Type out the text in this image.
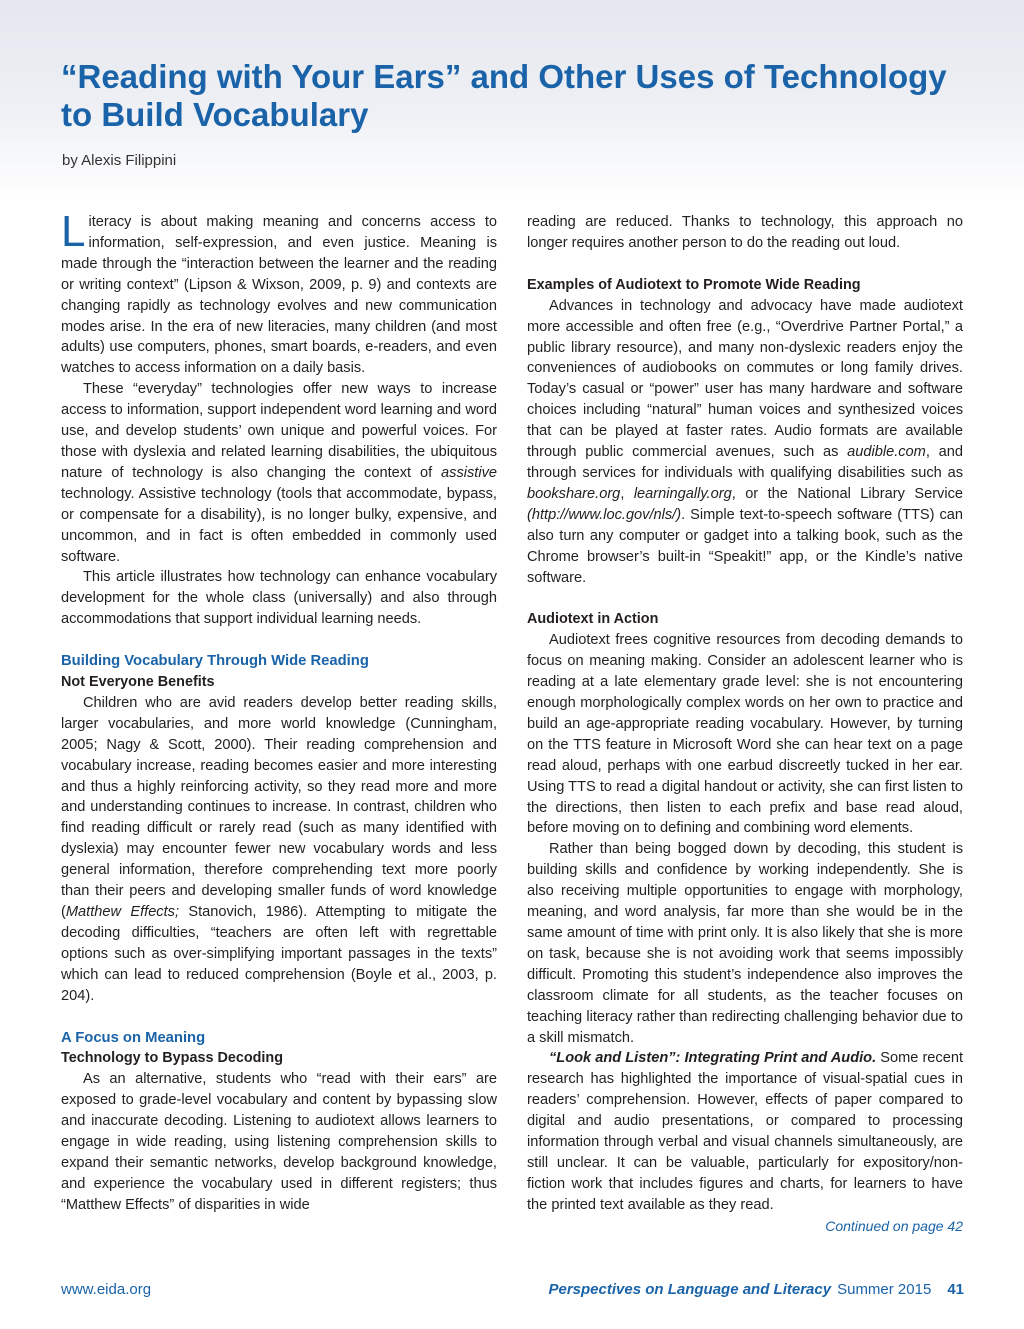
“Reading with Your Ears” and Other Uses of Technology to Build Vocabulary
by Alexis Filippini

Literacy is about making meaning and concerns access to information, self-expression, and even justice. Meaning is made through the “interaction between the learner and the reading or writing context” (Lipson & Wixson, 2009, p. 9) and contexts are changing rapidly as technology evolves and new communication modes arise. In the era of new literacies, many children (and most adults) use computers, phones, smart boards, e-readers, and even watches to access information on a daily basis.

These “everyday” technologies offer new ways to increase access to information, support independent word learning and word use, and develop students’ own unique and powerful voices. For those with dyslexia and related learning disabilities, the ubiquitous nature of technology is also changing the context of assistive technology. Assistive technology (tools that accommodate, bypass, or compensate for a disability), is no longer bulky, expensive, and uncommon, and in fact is often embedded in commonly used software.

This article illustrates how technology can enhance vocabulary development for the whole class (universally) and also through accommodations that support individual learning needs.

Building Vocabulary Through Wide Reading
Not Everyone Benefits

Children who are avid readers develop better reading skills, larger vocabularies, and more world knowledge (Cunningham, 2005; Nagy & Scott, 2000). Their reading comprehension and vocabulary increase, reading becomes easier and more interesting and thus a highly reinforcing activity, so they read more and more and understanding continues to increase. In contrast, children who find reading difficult or rarely read (such as many identified with dyslexia) may encounter fewer new vocabulary words and less general information, therefore comprehending text more poorly than their peers and developing smaller funds of word knowledge (Matthew Effects; Stanovich, 1986). Attempting to mitigate the decoding difficulties, “teachers are often left with regrettable options such as over-simplifying important passages in the texts” which can lead to reduced comprehension (Boyle et al., 2003, p. 204).

A Focus on Meaning
Technology to Bypass Decoding

As an alternative, students who “read with their ears” are exposed to grade-level vocabulary and content by bypassing slow and inaccurate decoding. Listening to audiotext allows learners to engage in wide reading, using listening comprehension skills to expand their semantic networks, develop background knowledge, and experience the vocabulary used in different registers; thus “Matthew Effects” of disparities in wide

reading are reduced. Thanks to technology, this approach no longer requires another person to do the reading out loud.

Examples of Audiotext to Promote Wide Reading

Advances in technology and advocacy have made audiotext more accessible and often free (e.g., “Overdrive Partner Portal,” a public library resource), and many non-dyslexic readers enjoy the conveniences of audiobooks on commutes or long family drives. Today’s casual or “power” user has many hardware and software choices including “natural” human voices and synthesized voices that can be played at faster rates. Audio formats are available through public commercial avenues, such as audible.com, and through services for individuals with qualifying disabilities such as bookshare.org, learningally.org, or the National Library Service (http://www.loc.gov/nls/). Simple text-to-speech software (TTS) can also turn any computer or gadget into a talking book, such as the Chrome browser’s built-in “Speakit!” app, or the Kindle’s native software.

Audiotext in Action

Audiotext frees cognitive resources from decoding demands to focus on meaning making. Consider an adolescent learner who is reading at a late elementary grade level: she is not encountering enough morphologically complex words on her own to practice and build an age-appropriate reading vocabulary. However, by turning on the TTS feature in Microsoft Word she can hear text on a page read aloud, perhaps with one earbud discreetly tucked in her ear. Using TTS to read a digital handout or activity, she can first listen to the directions, then listen to each prefix and base read aloud, before moving on to defining and combining word elements.

Rather than being bogged down by decoding, this student is building skills and confidence by working independently. She is also receiving multiple opportunities to engage with morphology, meaning, and word analysis, far more than she would be in the same amount of time with print only. It is also likely that she is more on task, because she is not avoiding work that seems impossibly difficult. Promoting this student’s independence also improves the classroom climate for all students, as the teacher focuses on teaching literacy rather than redirecting challenging behavior due to a skill mismatch.

“Look and Listen”: Integrating Print and Audio. Some recent research has highlighted the importance of visual-spatial cues in readers’ comprehension. However, effects of paper compared to digital and audio presentations, or compared to processing information through verbal and visual channels simultaneously, are still unclear. It can be valuable, particularly for expository/non-fiction work that includes figures and charts, for learners to have the printed text available as they read.

Continued on page 42
www.eida.org	Perspectives on Language and Literacy Summer 2015 41
